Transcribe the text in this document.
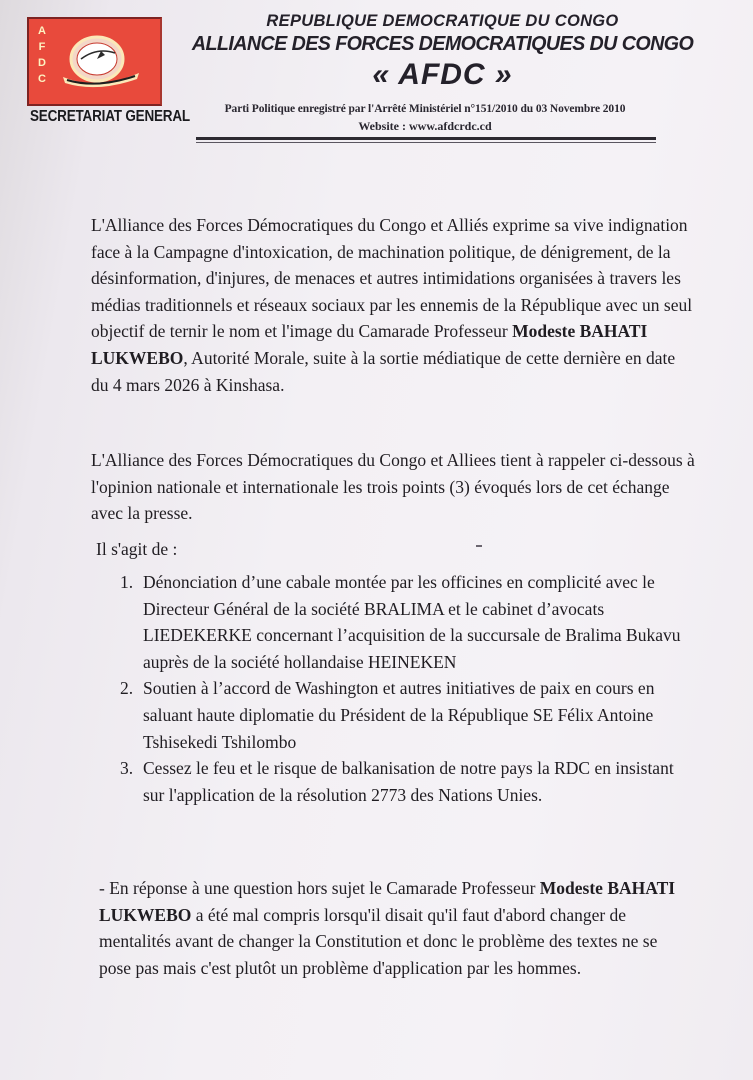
A
F
D
C
SECRETARIAT GENERAL
REPUBLIQUE DEMOCRATIQUE DU CONGO
ALLIANCE DES FORCES DEMOCRATIQUES DU CONGO
« AFDC »
Parti Politique enregistré par l'Arrêté Ministériel n°151/2010 du 03 Novembre 2010
Website : www.afdcrdc.cd
L'Alliance des Forces Démocratiques du Congo et Alliés exprime sa vive indignation face à la Campagne d'intoxication, de machination politique, de dénigrement, de la désinformation, d'injures, de menaces et autres intimidations organisées à travers les médias traditionnels et réseaux sociaux par les ennemis de la République avec un seul objectif de ternir le nom et l'image du Camarade Professeur Modeste BAHATI LUKWEBO, Autorité Morale, suite à la sortie médiatique de cette dernière en date du 4 mars 2026 à Kinshasa.
L'Alliance des Forces Démocratiques du Congo et Alliees tient à rappeler ci-dessous à l'opinion nationale et internationale les trois points (3) évoqués lors de cet échange avec la presse.
Il s'agit de :
1. Dénonciation d’une cabale montée par les officines en complicité avec le Directeur Général de la société BRALIMA et le cabinet d’avocats LIEDEKERKE concernant l’acquisition de la succursale de Bralima Bukavu auprès de la société hollandaise HEINEKEN
2. Soutien à l’accord de Washington et autres initiatives de paix en cours en saluant haute diplomatie du Président de la République SE Félix Antoine Tshisekedi Tshilombo
3. Cessez le feu et le risque de balkanisation de notre pays la RDC en insistant sur l'application de la résolution 2773 des Nations Unies.
- En réponse à une question hors sujet le Camarade Professeur Modeste BAHATI LUKWEBO a été mal compris lorsqu'il disait qu'il faut d'abord changer de mentalités avant de changer la Constitution et donc le problème des textes ne se pose pas mais c'est plutôt un problème d'application par les hommes.
